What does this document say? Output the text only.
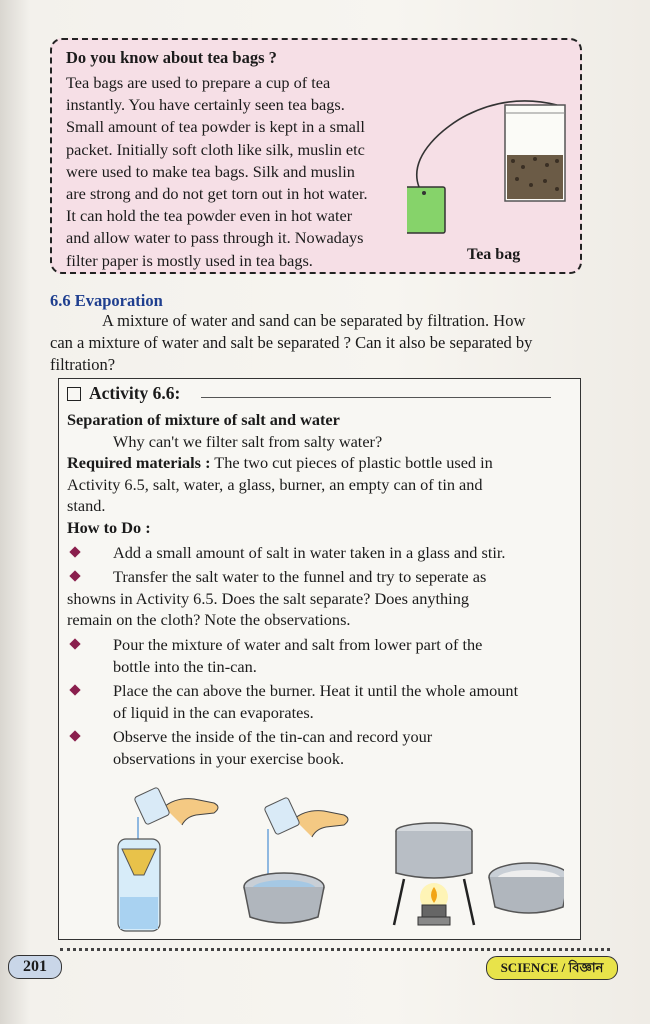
Do you know about tea bags ?
Tea bags are used to prepare a cup of tea
instantly. You have certainly seen tea bags.
Small amount of tea powder is kept in a small
packet. Initially soft cloth like silk, muslin etc
were used to make tea bags. Silk and muslin
are strong and do not get torn out in hot water.
It can hold the tea powder even in hot water
and allow water to pass through it. Nowadays
filter paper is mostly used in tea bags.	Tea bag
6.6 Evaporation
A mixture of water and sand can be separated by filtration. How
can a mixture of water and salt be separated ? Can it also be separated by
filtration?
Activity 6.6:
Separation of mixture of salt and water
Why can't we filter salt from salty water?
Required materials : The two cut pieces of plastic bottle used in
Activity 6.5, salt, water, a glass, burner, an empty can of tin and
stand.
How to Do :
Add a small amount of salt in water taken in a glass and stir.
Transfer the salt water to the funnel and try to seperate as
showns in Activity 6.5. Does the salt separate? Does anything
remain on the cloth? Note the observations.
Pour the mixture of water and salt from lower part of the
bottle into the tin-can.
Place the can above the burner. Heat it until the whole amount
of liquid in the can evaporates.
Observe the inside of the tin-can and record your
observations in your exercise book.
201	SCIENCE / বিজ্ঞান
